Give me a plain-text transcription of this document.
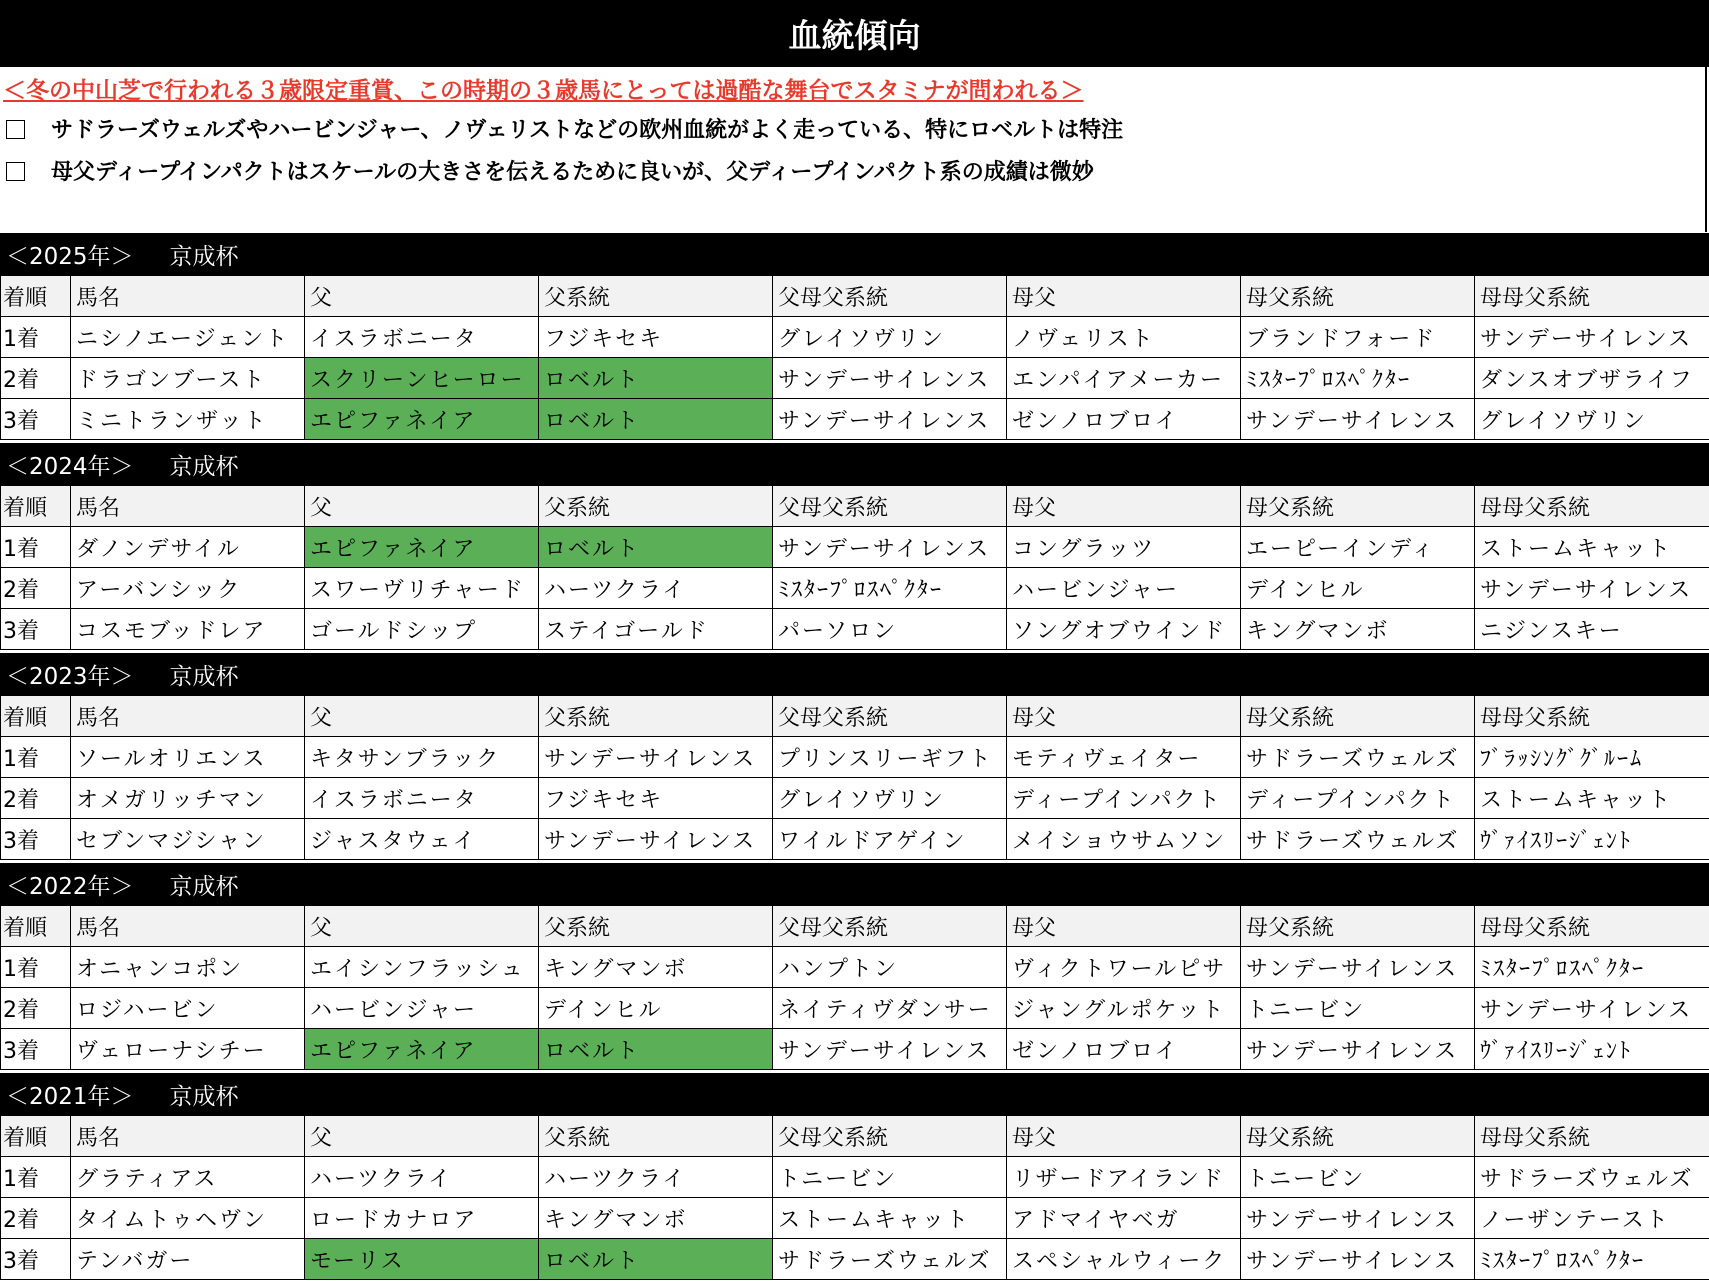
血統傾向
＜冬の中山芝で行われる３歳限定重賞、この時期の３歳馬にとっては過酷な舞台でスタミナが問われる＞
サドラーズウェルズやハービンジャー、ノヴェリストなどの欧州血統がよく走っている、特にロベルトは特注
母父ディープインパクトはスケールの大きさを伝えるために良いが、父ディープインパクト系の成績は微妙
＜2025年＞ 京成杯
着順	馬名	父	父系統	父母父系統	母父	母父系統	母母父系統
1着	ニシノエージェント	イスラボニータ	フジキセキ	グレイソヴリン	ノヴェリスト	ブランドフォード	サンデーサイレンス
2着	ドラゴンブースト	スクリーンヒーロー	ロベルト	サンデーサイレンス	エンパイアメーカー	ﾐｽﾀｰﾌﾟﾛｽﾍﾟｸﾀｰ	ダンスオブザライフ
3着	ミニトランザット	エピファネイア	ロベルト	サンデーサイレンス	ゼンノロブロイ	サンデーサイレンス	グレイソヴリン
＜2024年＞ 京成杯
着順	馬名	父	父系統	父母父系統	母父	母父系統	母母父系統
1着	ダノンデサイル	エピファネイア	ロベルト	サンデーサイレンス	コングラッツ	エーピーインディ	ストームキャット
2着	アーバンシック	スワーヴリチャード	ハーツクライ	ﾐｽﾀｰﾌﾟﾛｽﾍﾟｸﾀｰ	ハービンジャー	デインヒル	サンデーサイレンス
3着	コスモブッドレア	ゴールドシップ	ステイゴールド	パーソロン	ソングオブウインド	キングマンボ	ニジンスキー
＜2023年＞ 京成杯
着順	馬名	父	父系統	父母父系統	母父	母父系統	母母父系統
1着	ソールオリエンス	キタサンブラック	サンデーサイレンス	プリンスリーギフト	モティヴェイター	サドラーズウェルズ	ﾌﾞﾗｯｼﾝｸﾞｸﾞﾙｰﾑ
2着	オメガリッチマン	イスラボニータ	フジキセキ	グレイソヴリン	ディープインパクト	ディープインパクト	ストームキャット
3着	セブンマジシャン	ジャスタウェイ	サンデーサイレンス	ワイルドアゲイン	メイショウサムソン	サドラーズウェルズ	ｳﾞｧｲｽﾘｰｼﾞｪﾝﾄ
＜2022年＞ 京成杯
着順	馬名	父	父系統	父母父系統	母父	母父系統	母母父系統
1着	オニャンコポン	エイシンフラッシュ	キングマンボ	ハンプトン	ヴィクトワールピサ	サンデーサイレンス	ﾐｽﾀｰﾌﾟﾛｽﾍﾟｸﾀｰ
2着	ロジハービン	ハービンジャー	デインヒル	ネイティヴダンサー	ジャングルポケット	トニービン	サンデーサイレンス
3着	ヴェローナシチー	エピファネイア	ロベルト	サンデーサイレンス	ゼンノロブロイ	サンデーサイレンス	ｳﾞｧｲｽﾘｰｼﾞｪﾝﾄ
＜2021年＞ 京成杯
着順	馬名	父	父系統	父母父系統	母父	母父系統	母母父系統
1着	グラティアス	ハーツクライ	ハーツクライ	トニービン	リザードアイランド	トニービン	サドラーズウェルズ
2着	タイムトゥヘヴン	ロードカナロア	キングマンボ	ストームキャット	アドマイヤベガ	サンデーサイレンス	ノーザンテースト
3着	テンバガー	モーリス	ロベルト	サドラーズウェルズ	スペシャルウィーク	サンデーサイレンス	ﾐｽﾀｰﾌﾟﾛｽﾍﾟｸﾀｰ
